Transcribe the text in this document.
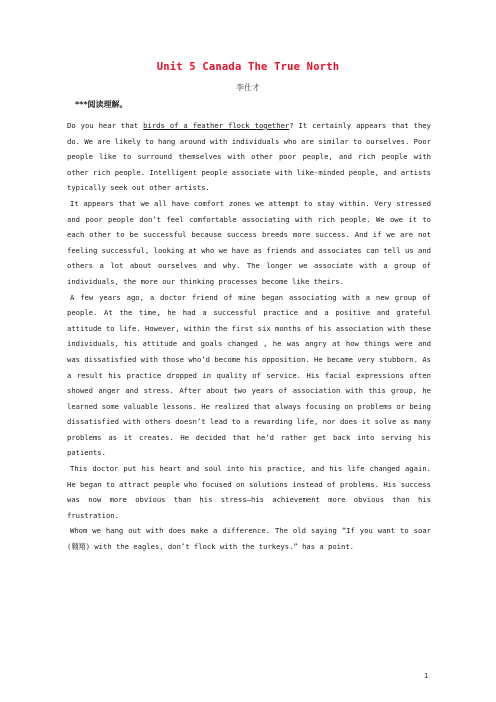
Unit 5 Canada The True North
李仕才
***阅读理解。

Do you hear that birds of a feather flock together? It certainly appears that they do. We are likely to hang around with individuals who are similar to ourselves. Poor people like to surround themselves with other poor people, and rich people with other rich people. Intelligent people associate with like-minded people, and artists typically seek out other artists.

It appears that we all have comfort zones we attempt to stay within. Very stressed and poor people don’t feel comfortable associating with rich people. We owe it to each other to be successful because success breeds more success. And if we are not feeling successful, looking at who we have as friends and associates can tell us and others a lot about ourselves and why. The longer we associate with a group of individuals, the more our thinking processes become like theirs.

A few years ago, a doctor friend of mine began associating with a new group of people. At the time, he had a successful practice and a positive and grateful attitude to life. However, within the first six months of his association with these individuals, his attitude and goals changed , he was angry at how things were and was dissatisfied with those who’d become his opposition. He became very stubborn. As a result his practice dropped in quality of service. His facial expressions often showed anger and stress. After about two years of association with this group, he learned some valuable lessons. He realized that always focusing on problems or being dissatisfied with others doesn’t lead to a rewarding life, nor does it solve as many problems as it creates. He decided that he’d rather get back into serving his patients.

This doctor put his heart and soul into his practice, and his life changed again. He began to attract people who focused on solutions instead of problems. His success was now more obvious than his stress—his achievement more obvious than his frustration.

Whom we hang out with does make a difference. The old saying “If you want to soar (翱翔) with the eagles, don’t flock with the turkeys.” has a point.

1
